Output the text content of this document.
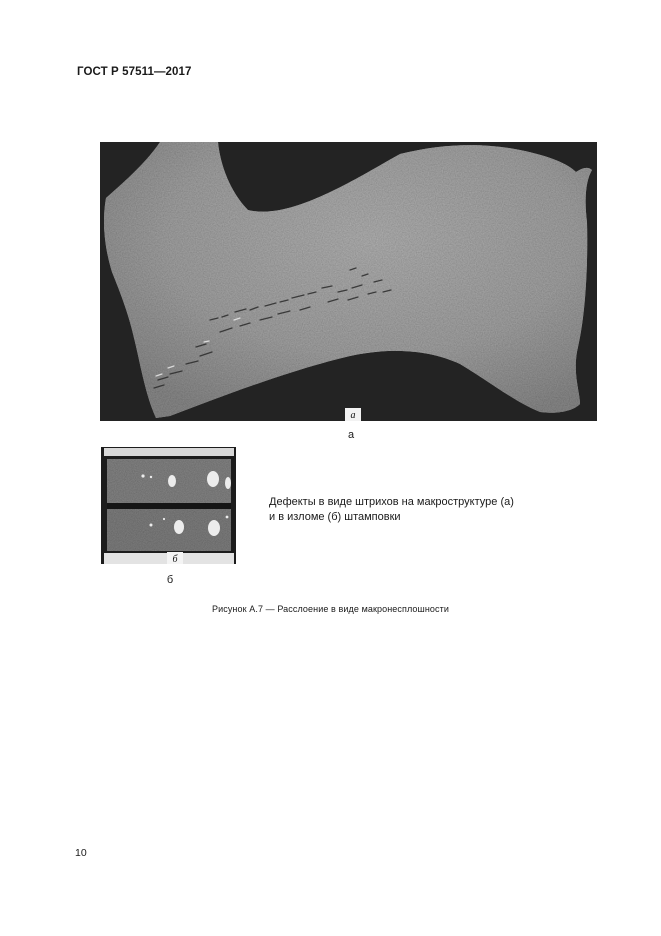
ГОСТ Р 57511—2017
а
а
б
б
Дефекты в виде штрихов на макроструктуре (а)
и в изломе (б) штамповки
Рисунок А.7 — Расслоение в виде макронесплошности
10
